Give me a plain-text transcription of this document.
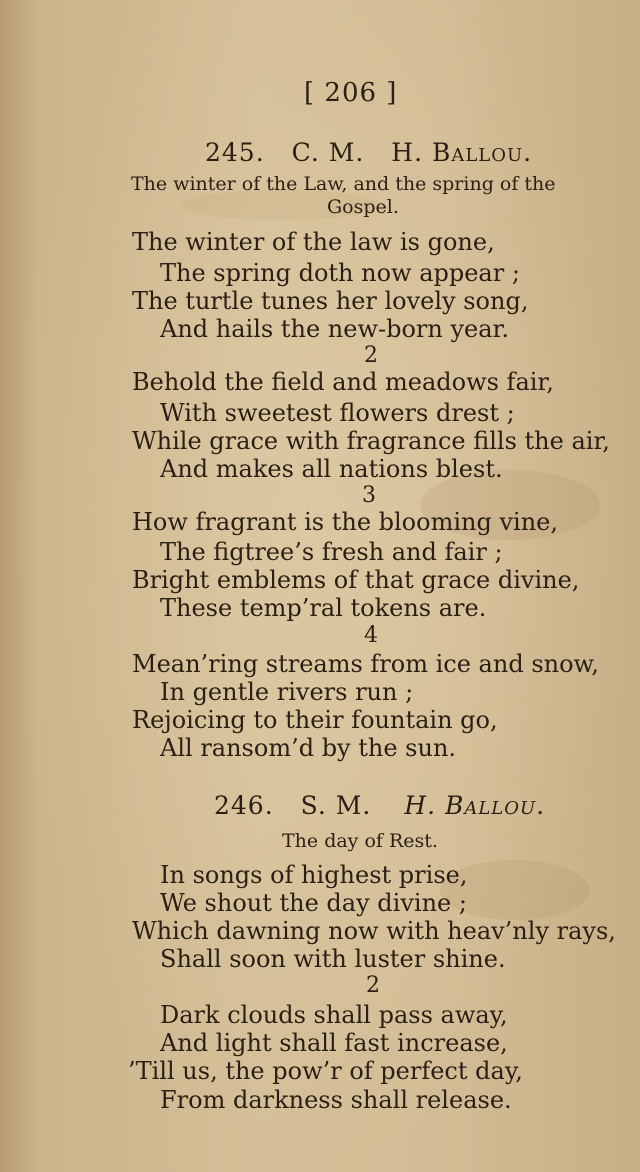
[ 206 ]
245. C. M. H. Ballou.
The winter of the Law, and the spring of the
Gospel.
The winter of the law is gone,
The spring doth now appear ;
The turtle tunes her lovely song,
And hails the new-born year.
2
Behold the field and meadows fair,
With sweetest flowers drest ;
While grace with fragrance fills the air,
And makes all nations blest.
3
How fragrant is the blooming vine,
The figtree’s fresh and fair ;
Bright emblems of that grace divine,
These temp’ral tokens are.
4
Mean’ring streams from ice and snow,
In gentle rivers run ;
Rejoicing to their fountain go,
All ransom’d by the sun.
246. S. M. H. Ballou.
The day of Rest.
In songs of highest prise,
We shout the day divine ;
Which dawning now with heav’nly rays,
Shall soon with luster shine.
2
Dark clouds shall pass away,
And light shall fast increase,
’Till us, the pow’r of perfect day,
From darkness shall release.
